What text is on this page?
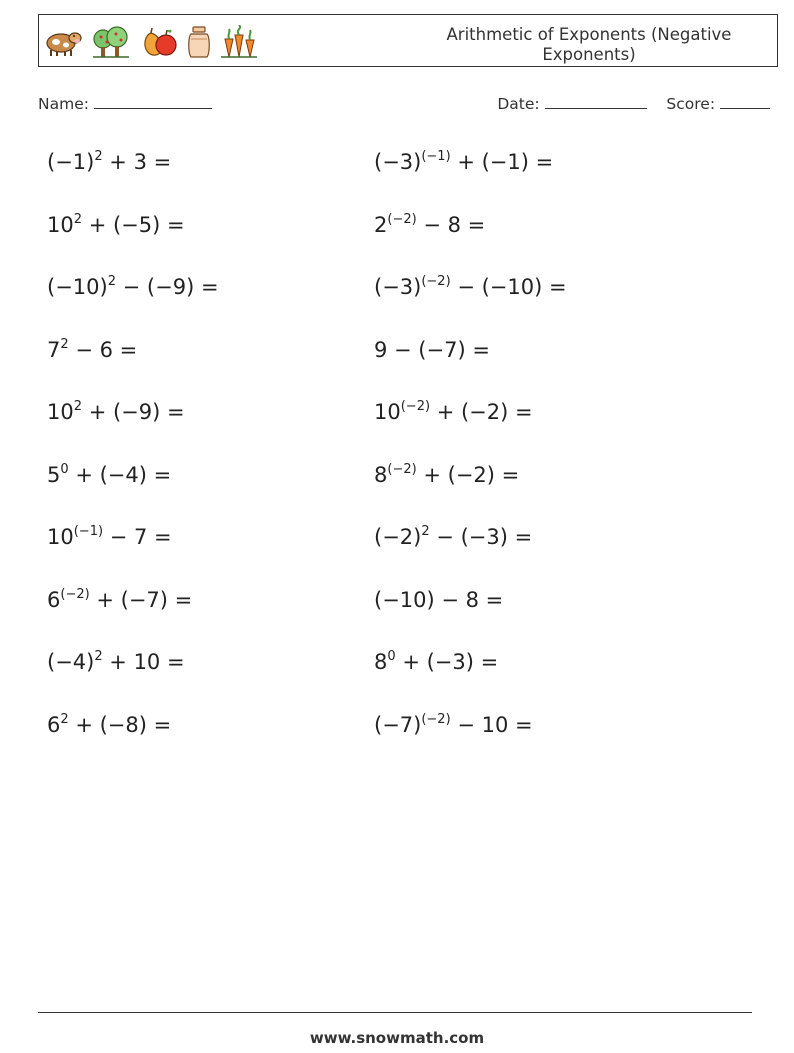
Arithmetic of Exponents (Negative Exponents)
Name:	Date:	Score:
$(-1)^2 + 3$ =
$10^2 + (-5)$ =
$(-10)^2 - (-9)$ =
$7^2 - 6$ =
$10^2 + (-9)$ =
$5^0 + (-4)$ =
$10^{(-1)} - 7$ =
$6^{(-2)} + (-7)$ =
$(-4)^2 + 10$ =
$6^2 + (-8)$ =
$(-3)^{(-1)} + (-1)$ =
$2^{(-2)} - 8$ =
$(-3)^{(-2)} - (-10)$ =
9 − (−7) =
$10^{(-2)} + (-2)$ =
$8^{(-2)} + (-2)$ =
$(-2)^2 - (-3)$ =
(−10) − 8 =
$8^0 + (-3)$ =
$(-7)^{(-2)} - 10$ =
www.snowmath.com
